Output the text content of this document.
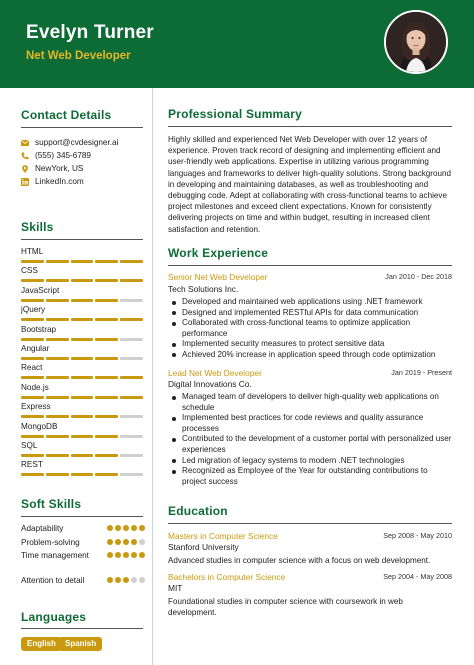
Evelyn Turner
Net Web Developer
Contact Details
support@cvdesigner.ai
(555) 345-6789
NewYork, US
LinkedIn.com
Skills
HTML
CSS
JavaScript
jQuery
Bootstrap
Angular
React
Node.js
Express
MongoDB
SQL
REST
Soft Skills
Adaptability
Problem-solving
Time management
Attention to detail
Languages
English	Spanish
Professional Summary
Highly skilled and experienced Net Web Developer with over 12 years of experience. Proven track record of designing and implementing efficient and user-friendly web applications. Expertise in utilizing various programming languages and frameworks to deliver high-quality solutions. Strong background in developing and maintaining databases, as well as troubleshooting and debugging code. Adept at collaborating with cross-functional teams to achieve project milestones and exceed client expectations. Known for consistently delivering projects on time and within budget, resulting in increased client satisfaction and retention.
Work Experience
Senior Net Web Developer	Jan 2010 - Dec 2018
Tech Solutions Inc.
Developed and maintained web applications using .NET framework
Designed and implemented RESTful APIs for data communication
Collaborated with cross-functional teams to optimize application performance
Implemented security measures to protect sensitive data
Achieved 20% increase in application speed through code optimization
Lead Net Web Developer	Jan 2019 - Present
Digital Innovations Co.
Managed team of developers to deliver high-quality web applications on schedule
Implemented best practices for code reviews and quality assurance processes
Contributed to the development of a customer portal with personalized user experiences
Led migration of legacy systems to modern .NET technologies
Recognized as Employee of the Year for outstanding contributions to project success
Education
Masters in Computer Science	Sep 2008 - May 2010
Stanford University
Advanced studies in computer science with a focus on web development.
Bachelors in Computer Science	Sep 2004 - May 2008
MIT
Foundational studies in computer science with coursework in web development.
